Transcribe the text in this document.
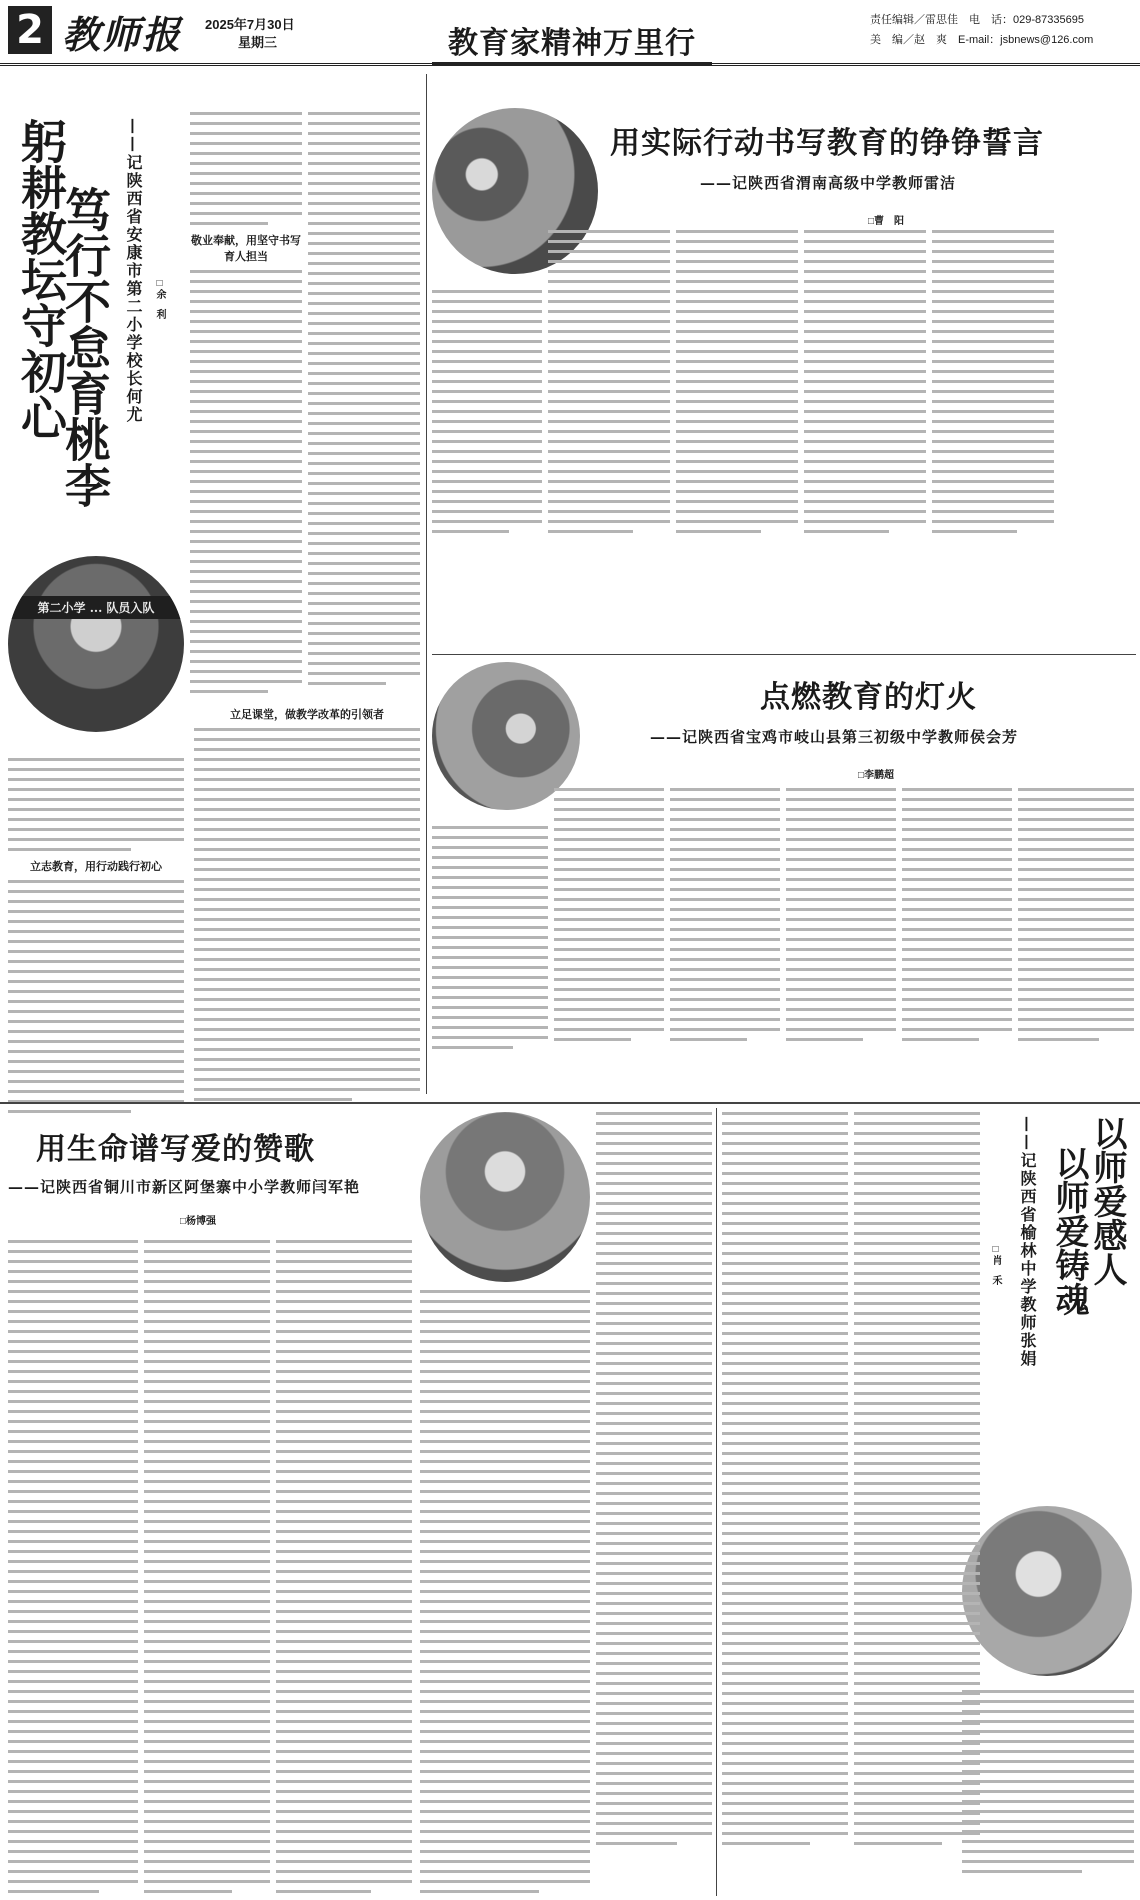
2 教师报 2025年7月30日
星期三	教育家精神万里行
责任编辑／雷思佳　电　话：029-87335695
美　编／赵　爽　E-mail：jsbnews@126.com
躬耕教坛守初心
笃行不怠育桃李 ——记陕西省安康市第二小学校长何尤 □余　利
第二小学 ... 队员入队
立志教育，用行动践行初心
敬业奉献，用坚守书写育人担当
立足课堂，做教学改革的引领者
用实际行动书写教育的铮铮誓言
——记陕西省渭南高级中学教师雷洁
□曹　阳
点燃教育的灯火
——记陕西省宝鸡市岐山县第三初级中学教师侯会芳
□李鹏超
用生命谱写爱的赞歌
——记陕西省铜川市新区阿堡寨中小学教师闫军艳
□杨博强	以师爱感人
以师爱铸魂
——记陕西省榆林中学教师张娟
□肖　禾
